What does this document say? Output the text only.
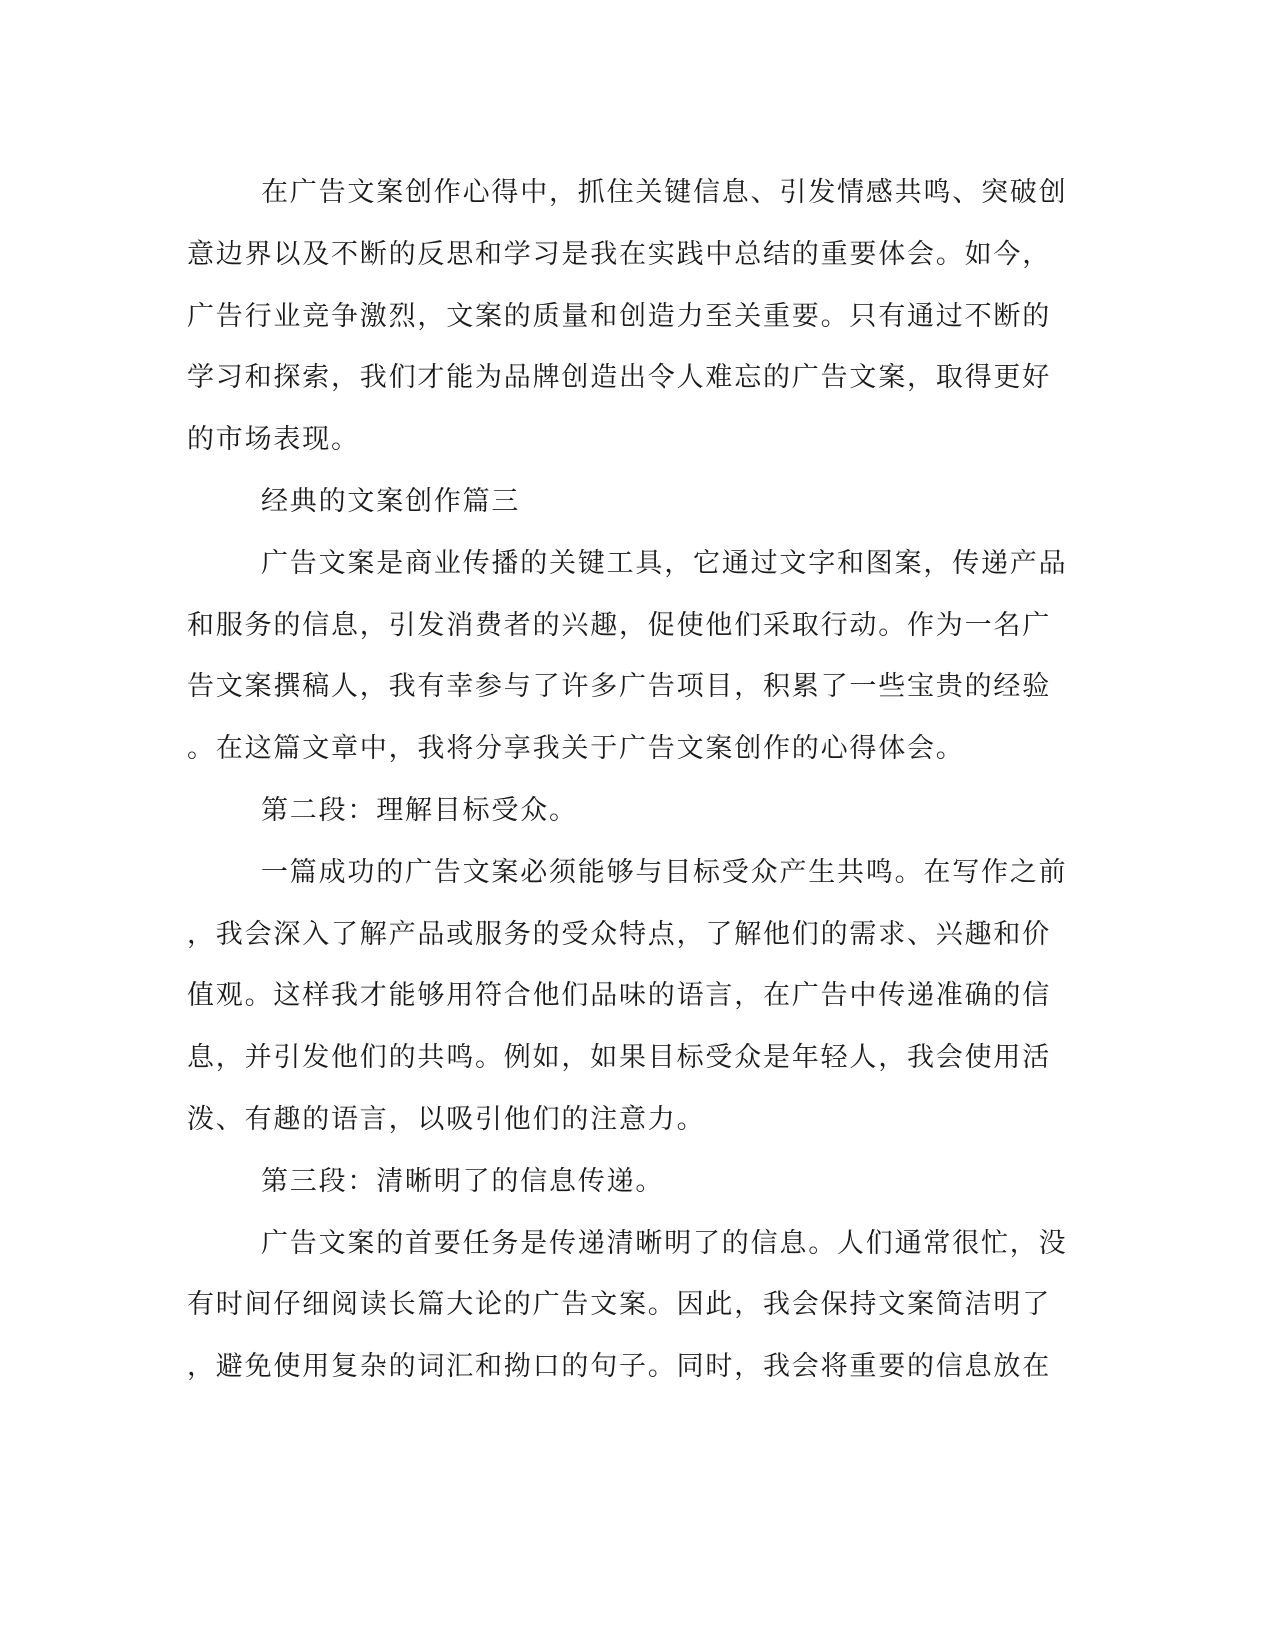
在广告文案创作心得中，抓住关键信息、引发情感共鸣、突破创
意边界以及不断的反思和学习是我在实践中总结的重要体会。如今，
广告行业竞争激烈，文案的质量和创造力至关重要。只有通过不断的
学习和探索，我们才能为品牌创造出令人难忘的广告文案，取得更好
的市场表现。
经典的文案创作篇三
广告文案是商业传播的关键工具，它通过文字和图案，传递产品
和服务的信息，引发消费者的兴趣，促使他们采取行动。作为一名广
告文案撰稿人，我有幸参与了许多广告项目，积累了一些宝贵的经验
。在这篇文章中，我将分享我关于广告文案创作的心得体会。
第二段：理解目标受众。
一篇成功的广告文案必须能够与目标受众产生共鸣。在写作之前
，我会深入了解产品或服务的受众特点，了解他们的需求、兴趣和价
值观。这样我才能够用符合他们品味的语言，在广告中传递准确的信
息，并引发他们的共鸣。例如，如果目标受众是年轻人，我会使用活
泼、有趣的语言，以吸引他们的注意力。
第三段：清晰明了的信息传递。
广告文案的首要任务是传递清晰明了的信息。人们通常很忙，没
有时间仔细阅读长篇大论的广告文案。因此，我会保持文案简洁明了
，避免使用复杂的词汇和拗口的句子。同时，我会将重要的信息放在
